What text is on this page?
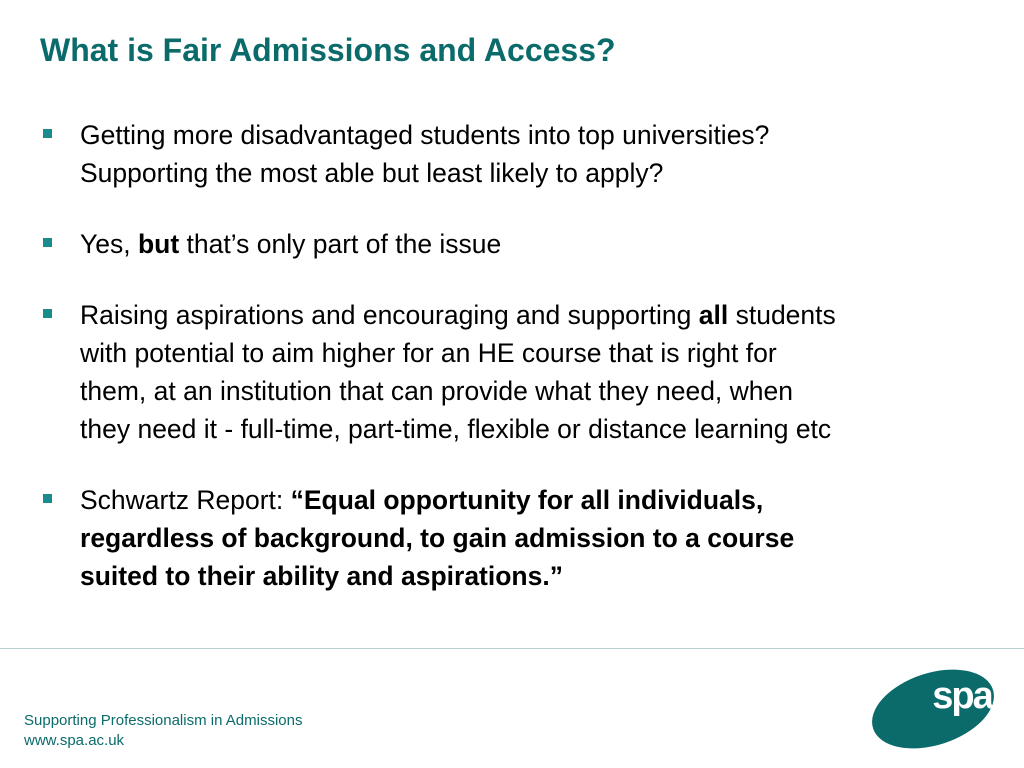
What is Fair Admissions and Access?
Getting more disadvantaged students into top universities?
Supporting the most able but least likely to apply?
Yes, but that’s only part of the issue
Raising aspirations and encouraging and supporting all students
with potential to aim higher for an HE course that is right for
them, at an institution that can provide what they need, when
they need it - full-time, part-time, flexible or distance learning etc
Schwartz Report: “Equal opportunity for all individuals,
regardless of background, to gain admission to a course
suited to their ability and aspirations.”
Supporting Professionalism in Admissions
www.spa.ac.uk
spa
